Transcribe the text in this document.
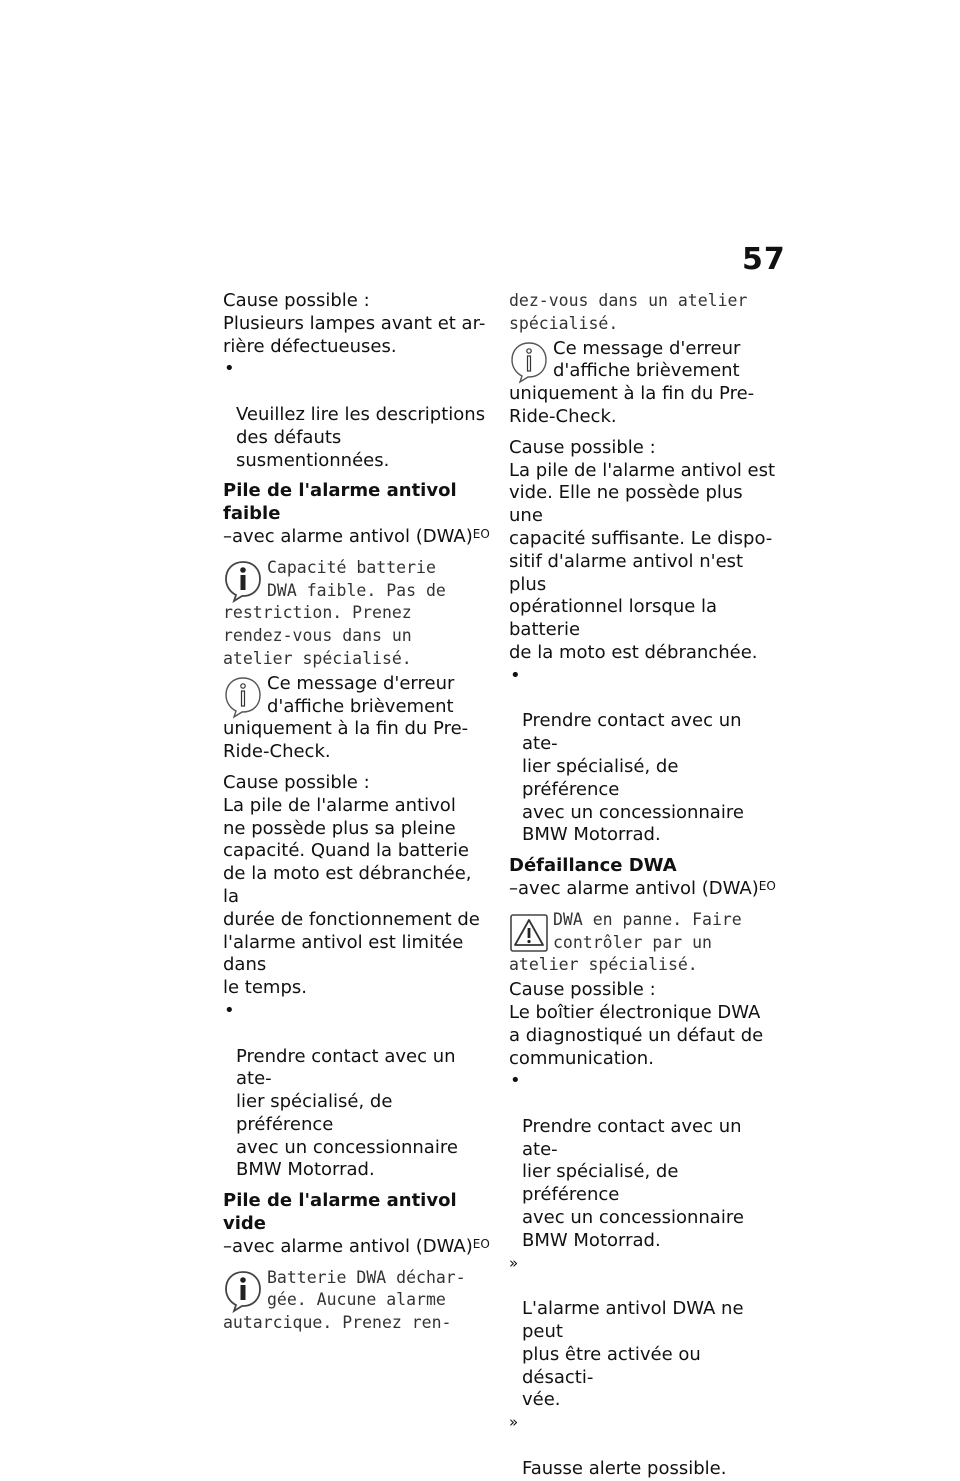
57

Cause possible :

Plusieurs lampes avant et ar-
rière défectueuses.

•

Veuillez lire les descriptions
des défauts susmentionnées.

Pile de l'alarme antivol faible

–avec alarme antivol (DWA)$^{EO}$

Capacité batterie
DWA faible. Pas de
restriction. Prenez
rendez-vous dans un
atelier spécialisé.
Ce message d'erreur
d'affiche brièvement
uniquement à la fin du Pre-
Ride-Check.

Cause possible :

La pile de l'alarme antivol
ne possède plus sa pleine
capacité. Quand la batterie
de la moto est débranchée, la
durée de fonctionnement de
l'alarme antivol est limitée dans
le temps.

•

Prendre contact avec un ate-
lier spécialisé, de préférence
avec un concessionnaire
BMW Motorrad.

Pile de l'alarme antivol vide

–avec alarme antivol (DWA)$^{EO}$

Batterie DWA déchar-
gée. Aucune alarme
autarcique. Prenez ren-

dez-vous dans un atelier
spécialisé.

Ce message d'erreur
d'affiche brièvement
uniquement à la fin du Pre-
Ride-Check.

Cause possible :

La pile de l'alarme antivol est
vide. Elle ne possède plus une
capacité suffisante. Le dispo-
sitif d'alarme antivol n'est plus
opérationnel lorsque la batterie
de la moto est débranchée.

•

Prendre contact avec un ate-
lier spécialisé, de préférence
avec un concessionnaire
BMW Motorrad.

Défaillance DWA

–avec alarme antivol (DWA)$^{EO}$

DWA en panne. Faire
contrôler par un
atelier spécialisé.

Cause possible :

Le boîtier électronique DWA
a diagnostiqué un défaut de
communication.

•

Prendre contact avec un ate-
lier spécialisé, de préférence
avec un concessionnaire
BMW Motorrad.

»

L'alarme antivol DWA ne peut
plus être activée ou désacti-
vée.

»

Fausse alerte possible.
